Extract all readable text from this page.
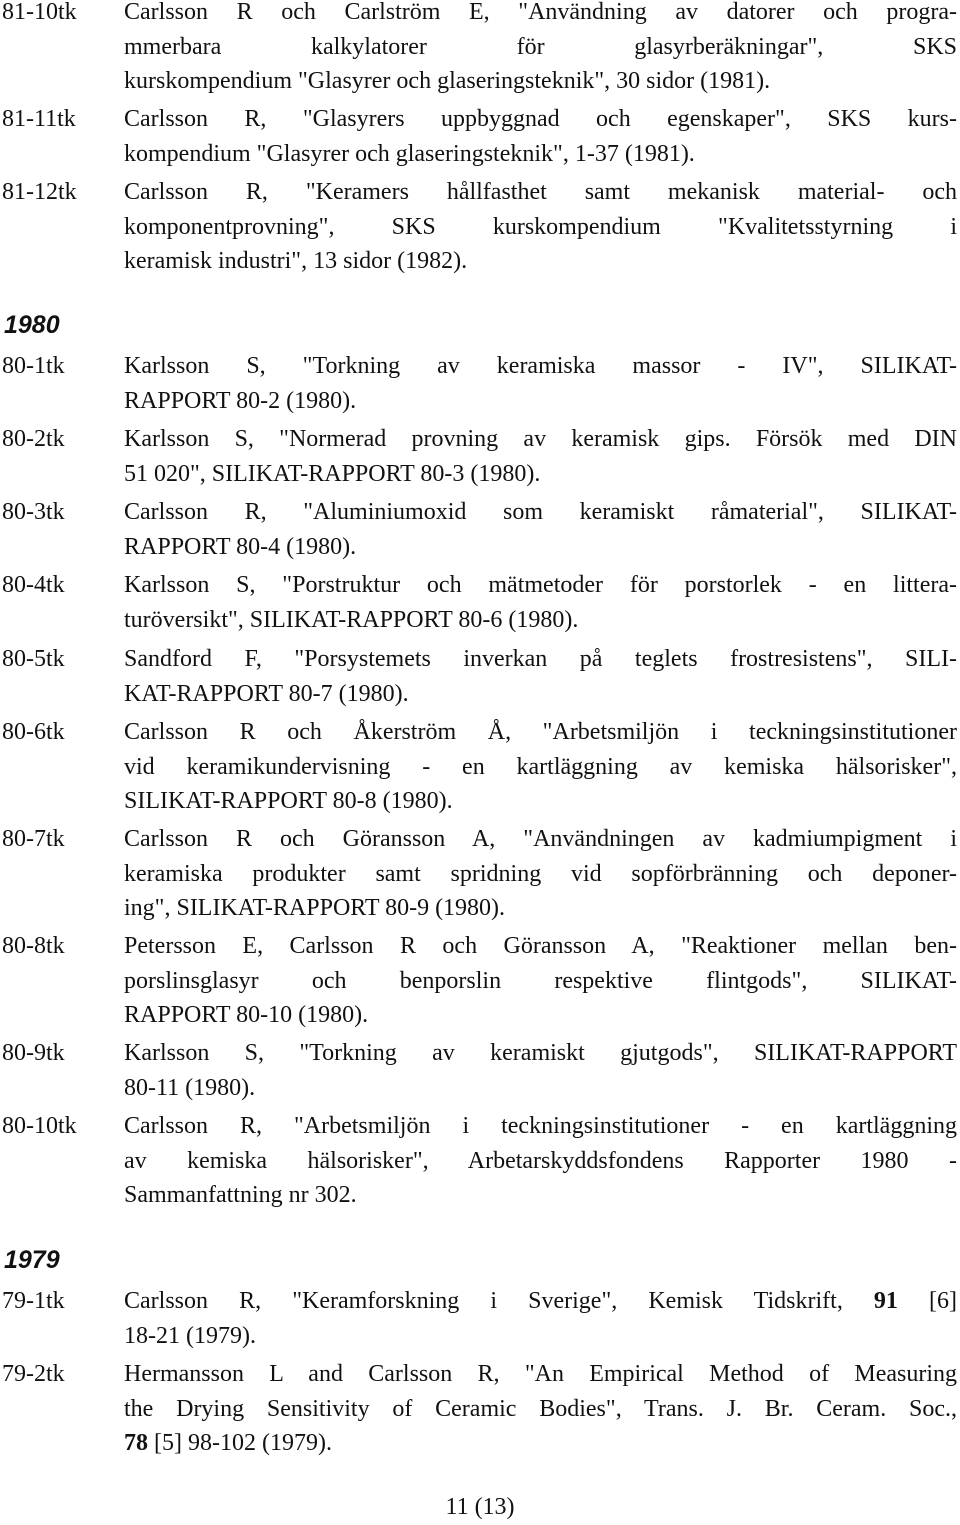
81-10tk	Carlsson R och Carlström E, "Användning av datorer och progra-
mmerbara kalkylatorer för glasyrberäkningar", SKS
kurskompendium "Glasyrer och glaseringsteknik", 30 sidor (1981).
81-11tk	Carlsson R, "Glasyrers uppbyggnad och egenskaper", SKS kurs-
kompendium "Glasyrer och glaseringsteknik", 1-37 (1981).
81-12tk	Carlsson R, "Keramers hållfasthet samt mekanisk material- och
komponentprovning", SKS kurskompendium "Kvalitetsstyrning i
keramisk industri", 13 sidor (1982).
1980
80-1tk	Karlsson S, "Torkning av keramiska massor - IV", SILIKAT-
RAPPORT 80-2 (1980).
80-2tk	Karlsson S, "Normerad provning av keramisk gips. Försök med DIN
51 020", SILIKAT-RAPPORT 80-3 (1980).
80-3tk	Carlsson R, "Aluminiumoxid som keramiskt råmaterial", SILIKAT-
RAPPORT 80-4 (1980).
80-4tk	Karlsson S, "Porstruktur och mätmetoder för porstorlek - en littera-
turöversikt", SILIKAT-RAPPORT 80-6 (1980).
80-5tk	Sandford F, "Porsystemets inverkan på teglets frostresistens", SILI-
KAT-RAPPORT 80-7 (1980).
80-6tk	Carlsson R och Åkerström Å, "Arbetsmiljön i teckningsinstitutioner
vid keramikundervisning - en kartläggning av kemiska hälsorisker",
SILIKAT-RAPPORT 80-8 (1980).
80-7tk	Carlsson R och Göransson A, "Användningen av kadmiumpigment i
keramiska produkter samt spridning vid sopförbränning och deponer-
ing", SILIKAT-RAPPORT 80-9 (1980).
80-8tk	Petersson E, Carlsson R och Göransson A, "Reaktioner mellan ben-
porslinsglasyr och benporslin respektive flintgods", SILIKAT-
RAPPORT 80-10 (1980).
80-9tk	Karlsson S, "Torkning av keramiskt gjutgods", SILIKAT-RAPPORT
80-11 (1980).
80-10tk	Carlsson R, "Arbetsmiljön i teckningsinstitutioner - en kartläggning
av kemiska hälsorisker", Arbetarskyddsfondens Rapporter 1980 -
Sammanfattning nr 302.
1979
79-1tk	Carlsson R, "Keramforskning i Sverige", Kemisk Tidskrift, 91 [6]
18-21 (1979).
79-2tk	Hermansson L and Carlsson R, "An Empirical Method of Measuring
the Drying Sensitivity of Ceramic Bodies", Trans. J. Br. Ceram. Soc.,
78 [5] 98-102 (1979).
11 (13)
